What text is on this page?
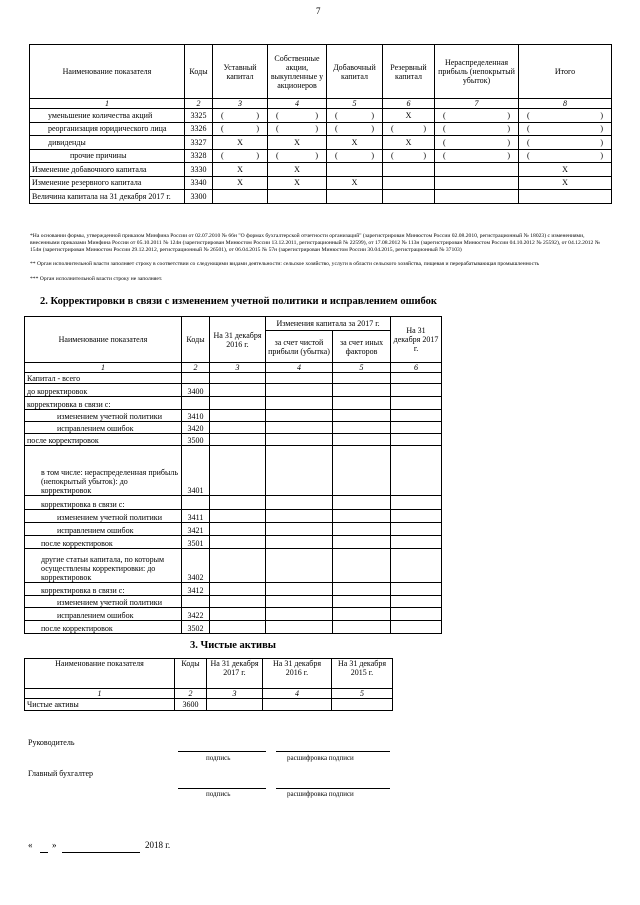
7
Наименование показателя	Коды	Уставный капитал	Собственные акции, выкупленные у акционеров	Добавочный капитал	Резервный капитал	Нераспределенная прибыль (непокрытый убыток)	Итого
1	2	3	4	5	6	7	8
уменьшение количества акций	3325	( )	( )	( )	X	( )	( )

реорганизация юридического лица	3326	( )	( )	( )	( )	( )	( )

дивиденды	3327	X	X	X	X	( )	( )

прочие причины	3328	( )	( )	( )	( )	( )	( )

Изменение добавочного капитала	3330	X	X				X
Изменение резервного капитала	3340	X	X	X			X
Величина капитала на 31 декабря 2017 г.	3300						
*На основании формы, утвержденной приказом Минфина России от 02.07.2010 № 66н "О формах бухгалтерской отчетности организаций" (зарегистрирован Минюстом России 02.08.2010, регистрационный № 18023) с изменениями, внесенными приказами Минфина России от 05.10.2011 № 124н (зарегистрирован Минюстом России 13.12.2011, регистрационный № 22599), от 17.08.2012 № 113н (зарегистрирован Минюстом России 04.10.2012 № 25592), от 04.12.2012 № 154н (зарегистрирован Минюстом России 29.12.2012, регистрационный № 26501), от 06.04.2015 № 57н (зарегистрирован Минюстом России 30.04.2015, регистрационный № 37103)
** Орган исполнительной власти заполняет строку в соответствии со следующими видами деятельности: сельское хозяйство, услуги в области сельского хозяйства, пищевая и перерабатывающая промышленность
*** Орган исполнительной власти строку не заполняет.
2. Корректировки в связи с изменением учетной политики и исправлением ошибок
Наименование показателя	Коды	На 31 декабря 2016 г.	Изменения капитала за 2017 г.		На 31 декабря 2017 г.
			за счет чистой прибыли (убытка)	за счет иных факторов	
1	2	3	4	5	6
Капитал - всего					
до корректировок	3400				
корректировка в связи с:					
изменением учетной политики	3410				
исправлением ошибок	3420				
после корректировок	3500				
в том числе: нераспределенная прибыль (непокрытый убыток): до корректировок	3401				
корректировка в связи с:					
изменением учетной политики	3411				
исправлением ошибок	3421				
после корректировок	3501				
другие статьи капитала, по которым осуществлены корректировки: до корректировок	3402				
корректировка в связи с:	3412				
изменением учетной политики					
исправлением ошибок	3422				
после корректировок	3502				
3. Чистые активы
Наименование показателя	Коды	На 31 декабря 2017 г.	На 31 декабря 2016 г.	На 31 декабря 2015 г.
1	2	3	4	5
Чистые активы	3600			
Руководитель
подпись	расшифровка подписи
Главный бухгалтер
подпись	расшифровка подписи
« »	2018 г.
